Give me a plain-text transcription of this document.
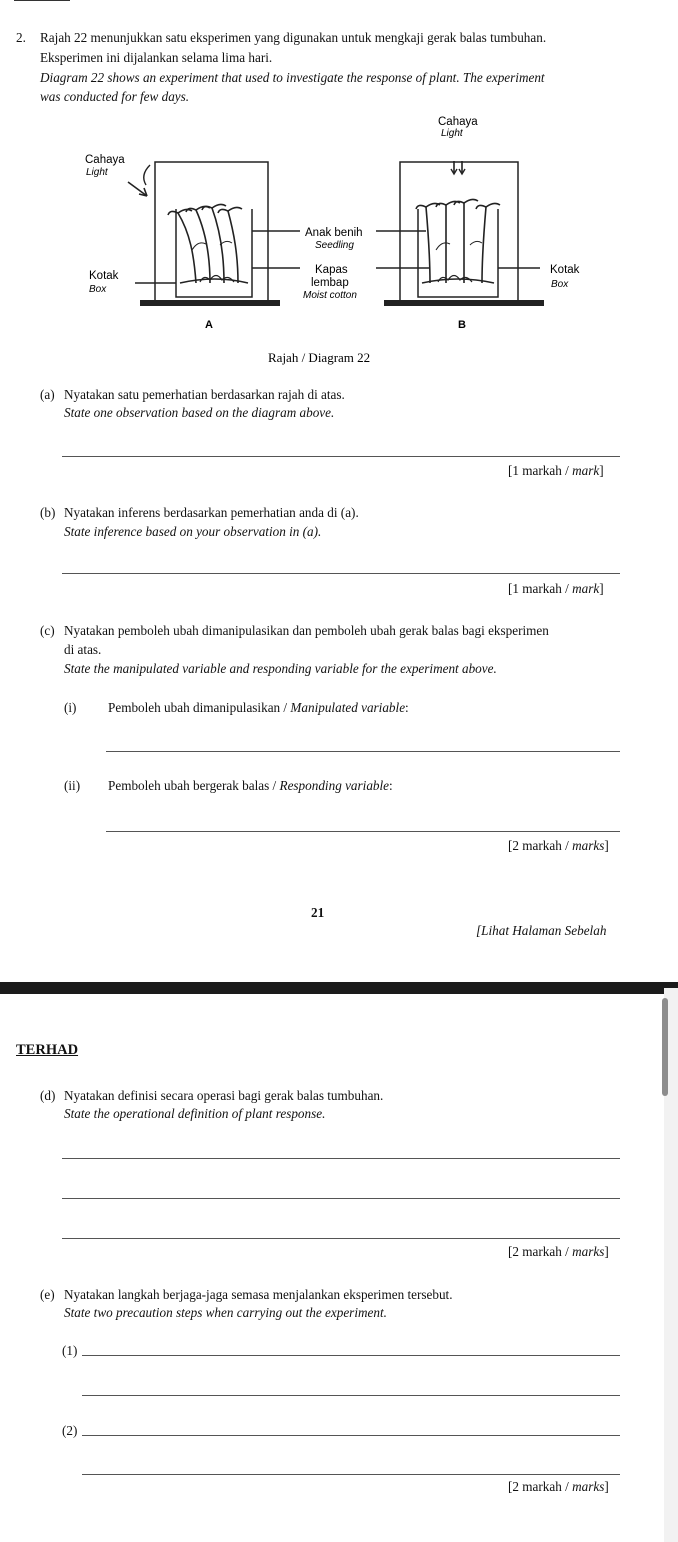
2. Rajah 22 menunjukkan satu eksperimen yang digunakan untuk mengkaji gerak balas tumbuhan.
Eksperimen ini dijalankan selama lima hari.
Diagram 22 shows an experiment that used to investigate the response of plant. The experiment
was conducted for few days.
Cahaya
Light
Kotak
Box
Cahaya
Light
Kotak
Box
Anak benih
Seedling
Kapas
lembap
Moist cotton
A	B
Rajah / Diagram 22
(a) Nyatakan satu pemerhatian berdasarkan rajah di atas.
State one observation based on the diagram above.
[1 markah / mark]
(b) Nyatakan inferens berdasarkan pemerhatian anda di (a).
State inference based on your observation in (a).
[1 markah / mark]
(c) Nyatakan pemboleh ubah dimanipulasikan dan pemboleh ubah gerak balas bagi eksperimen
di atas.
State the manipulated variable and responding variable for the experiment above.
(i) Pemboleh ubah dimanipulasikan / Manipulated variable:
(ii) Pemboleh ubah bergerak balas / Responding variable:
[2 markah / marks]
21
[Lihat Halaman Sebelah
TERHAD
(d) Nyatakan definisi secara operasi bagi gerak balas tumbuhan.
State the operational definition of plant response.
[2 markah / marks]
(e) Nyatakan langkah berjaga-jaga semasa menjalankan eksperimen tersebut.
State two precaution steps when carrying out the experiment.
(1)
(2)
[2 markah / marks]
